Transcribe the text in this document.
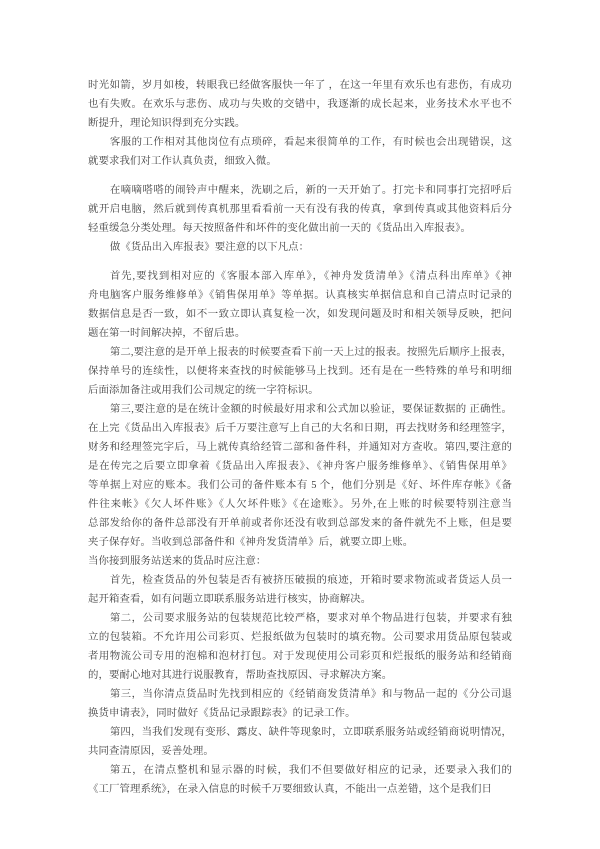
时光如箭，岁月如梭，转眼我已经做客服快一年了 ，在这一年里有欢乐也有悲伤，有成功
也有失败。在欢乐与悲伤、成功与失败的交错中，我逐渐的成长起来，业务技术水平也不
断提升，理论知识得到充分实践。
客服的工作相对其他岗位有点琐碎，看起来很简单的工作，有时候也会出现错误，这
就要求我们对工作认真负责，细致入微。
在嘀嘀嗒嗒的闹铃声中醒来，洗刷之后，新的一天开始了。打完卡和同事打完招呼后
就开启电脑，然后就到传真机那里看看前一天有没有我的传真，拿到传真或其他资料后分
轻重缓急分类处理。每天按照备件和坏件的变化做出前一天的《货品出入库报表》。
做《货品出入库报表》要注意的以下凡点：
首先,要找到相对应的《客服本部入库单》，《神舟发货清单》《清点科出库单》《神
舟电脑客户服务维修单》《销售保用单》等单据。认真核实单据信息和自己清点时记录的
数据信息是否一致，如不一致立即认真复检一次，如发现问题及时和相关领导反映，把问
题在第一时间解决掉，不留后患。
第二,要注意的是开单上报表的时候要查看下前一天上过的报表。按照先后顺序上报表，
保持单号的连续性，以便将来查找的时候能够马上找到。还有是在一些特殊的单号和明细
后面添加备注或用我们公司规定的统一字符标识。
第三,要注意的是在统计金额的时候最好用求和公式加以验证，要保证数据的 正确性。
在上完《货品出入库报表》后千万要注意写上自己的大名和日期，再去找财务和经理签字，
财务和经理签完字后，马上就传真给经管二部和备件科，并通知对方查收。第四,要注意的
是在传完之后要立即拿着《货品出入库报表》、《神舟客户服务维修单》、《销售保用单》
等单据上对应的账本。我们公司的备件账本有 5 个，他们分别是《好、坏件库存帐》《备
件往来帐》《欠人坏件账》《人欠坏件账》《在途账》。另外,在上账的时候要特别注意当
总部发给你的备件总部没有开单前或者你还没有收到总部发来的备件就先不上账，但是要
夹子保存好。当收到总部备件和《神舟发货清单》后，就要立即上账。
当你接到服务站送来的货品时应注意：
首先，检查货品的外包装是否有被挤压破损的痕迹，开箱时要求物流或者货运人员一
起开箱查看，如有问题立即联系服务站进行核实，协商解决。
第二，公司要求服务站的包装规范比较严格，要求对单个物品进行包装，并要求有独
立的包装箱。不允许用公司彩页、烂报纸做为包装时的填充物。公司要求用货品原包装或
者用物流公司专用的泡棉和泡材打包。对于发现使用公司彩页和烂报纸的服务站和经销商
的，要耐心地对其进行说服教育，帮助查找原因、寻求解决方案。
第三，当你清点货品时先找到相应的《经销商发货清单》和与物品一起的《分公司退
换货申请表》，同时做好《货品记录跟踪表》的记录工作。
第四，当我们发现有变形、露皮、缺件等现象时，立即联系服务站或经销商说明情况，
共同查清原因，妥善处理。
第五，在清点整机和显示器的时候，我们不但要做好相应的记录，还要录入我们的
《工厂管理系统》，在录入信息的时候千万要细致认真，不能出一点差错，这个是我们日
